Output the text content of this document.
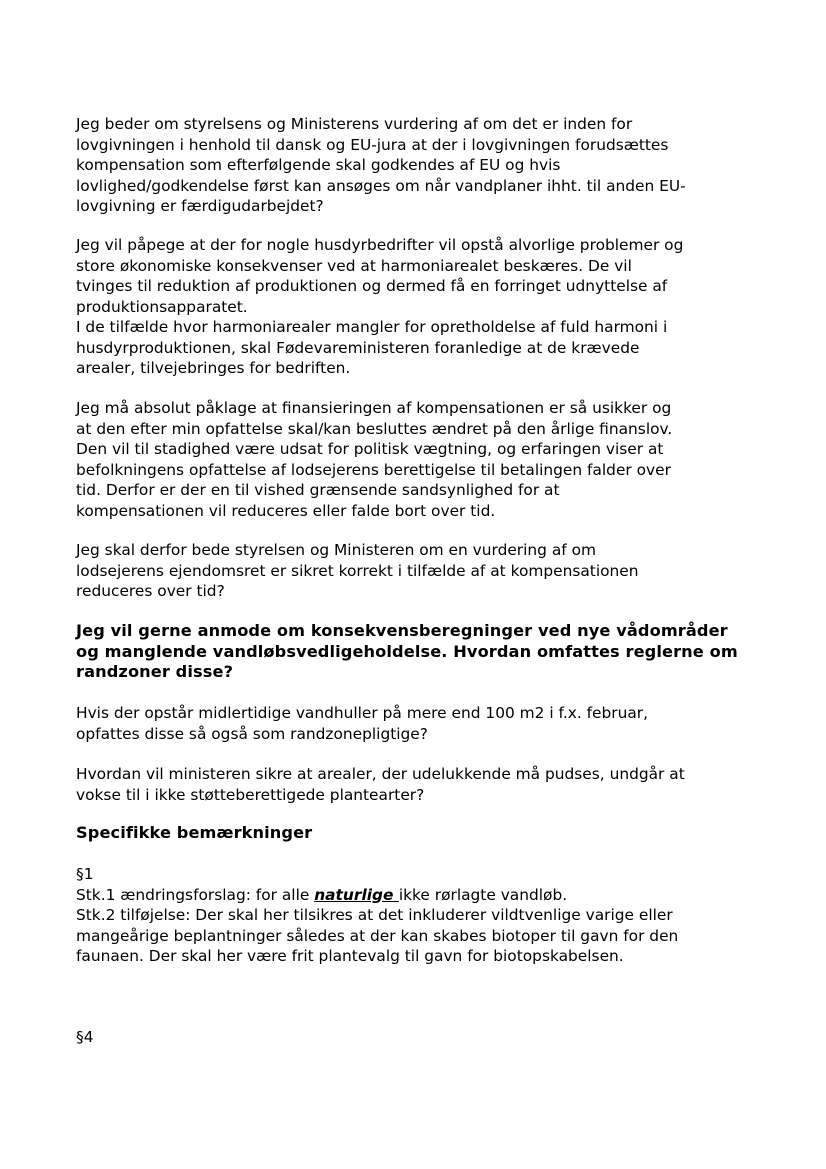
Jeg beder om styrelsens og Ministerens vurdering af om det er inden for
lovgivningen i henhold til dansk og EU-jura at der i lovgivningen forudsættes
kompensation som efterfølgende skal godkendes af EU og hvis
lovlighed/godkendelse først kan ansøges om når vandplaner ihht. til anden EU-
lovgivning er færdigudarbejdet?

Jeg vil påpege at der for nogle husdyrbedrifter vil opstå alvorlige problemer og
store økonomiske konsekvenser ved at harmoniarealet beskæres. De vil
tvinges til reduktion af produktionen og dermed få en forringet udnyttelse af
produktionsapparatet.
I de tilfælde hvor harmoniarealer mangler for opretholdelse af fuld harmoni i
husdyrproduktionen, skal Fødevareministeren foranledige at de krævede
arealer, tilvejebringes for bedriften.

Jeg må absolut påklage at finansieringen af kompensationen er så usikker og
at den efter min opfattelse skal/kan besluttes ændret på den årlige finanslov.
Den vil til stadighed være udsat for politisk vægtning, og erfaringen viser at
befolkningens opfattelse af lodsejerens berettigelse til betalingen falder over
tid. Derfor er der en til vished grænsende sandsynlighed for at
kompensationen vil reduceres eller falde bort over tid.

Jeg skal derfor bede styrelsen og Ministeren om en vurdering af om
lodsejerens ejendomsret er sikret korrekt i tilfælde af at kompensationen
reduceres over tid?

Jeg vil gerne anmode om konsekvensberegninger ved nye vådområder
og manglende vandløbsvedligeholdelse. Hvordan omfattes reglerne om
randzoner disse?

Hvis der opstår midlertidige vandhuller på mere end 100 m2 i f.x. februar,
opfattes disse så også som randzonepligtige?

Hvordan vil ministeren sikre at arealer, der udelukkende må pudses, undgår at
vokse til i ikke støtteberettigede plantearter?

Specifikke bemærkninger

§1
Stk.1 ændringsforslag: for alle naturlige ikke rørlagte vandløb.
Stk.2 tilføjelse: Der skal her tilsikres at det inkluderer vildtvenlige varige eller
mangeårige beplantninger således at der kan skabes biotoper til gavn for den
faunaen. Der skal her være frit plantevalg til gavn for biotopskabelsen.

§4
